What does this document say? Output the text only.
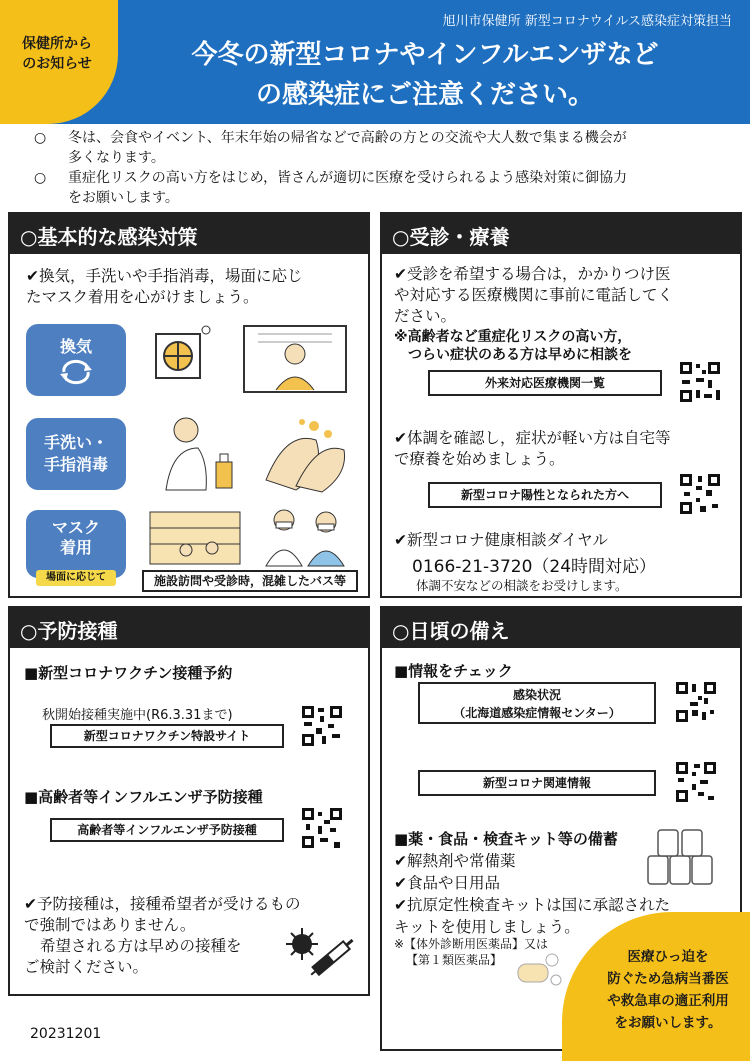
保健所から
のお知らせ
旭川市保健所 新型コロナウイルス感染症対策担当
今冬の新型コロナやインフルエンザなど
の感染症にご注意ください。
○	冬は、会食やイベント、年末年始の帰省などで高齢の方との交流や大人数で集まる機会が
多くなります。
○	重症化リスクの高い方をはじめ，皆さんが適切に医療を受けられるよう感染対策に御協力
をお願いします。
○基本的な感染対策
✔換気，手洗いや手指消毒，場面に応じ
たマスク着用を心がけましょう。
換気
手洗い・
手指消毒
マスク
着用
場面に応じて	施設訪問や受診時，混雑したバス等
○受診・療養
✔受診を希望する場合は，かかりつけ医
や対応する医療機関に事前に電話してく
ださい。
※高齢者など重症化リスクの高い方，
つらい症状のある方は早めに相談を
外来対応医療機関一覧
✔体調を確認し，症状が軽い方は自宅等
で療養を始めましょう。
新型コロナ陽性となられた方へ
✔新型コロナ健康相談ダイヤル
0166-21-3720（24時間対応）
体調不安などの相談をお受けします。
○予防接種
■新型コロナワクチン接種予約
秋開始接種実施中(R6.3.31まで)
新型コロナワクチン特設サイト
■高齢者等インフルエンザ予防接種
高齢者等インフルエンザ予防接種
✔予防接種は，接種希望者が受けるもの
で強制ではありません。
希望される方は早めの接種を
ご検討ください。
○日頃の備え
■情報をチェック
感染状況
（北海道感染症情報センター）
新型コロナ関連情報
■薬・食品・検査キット等の備蓄
✔解熱剤や常備薬
✔食品や日用品
✔抗原定性検査キットは国に承認された
キットを使用しましょう。
※【体外診断用医薬品】又は
【第１類医薬品】
20231201
医療ひっ迫を
防ぐため急病当番医
や救急車の適正利用
をお願いします。
